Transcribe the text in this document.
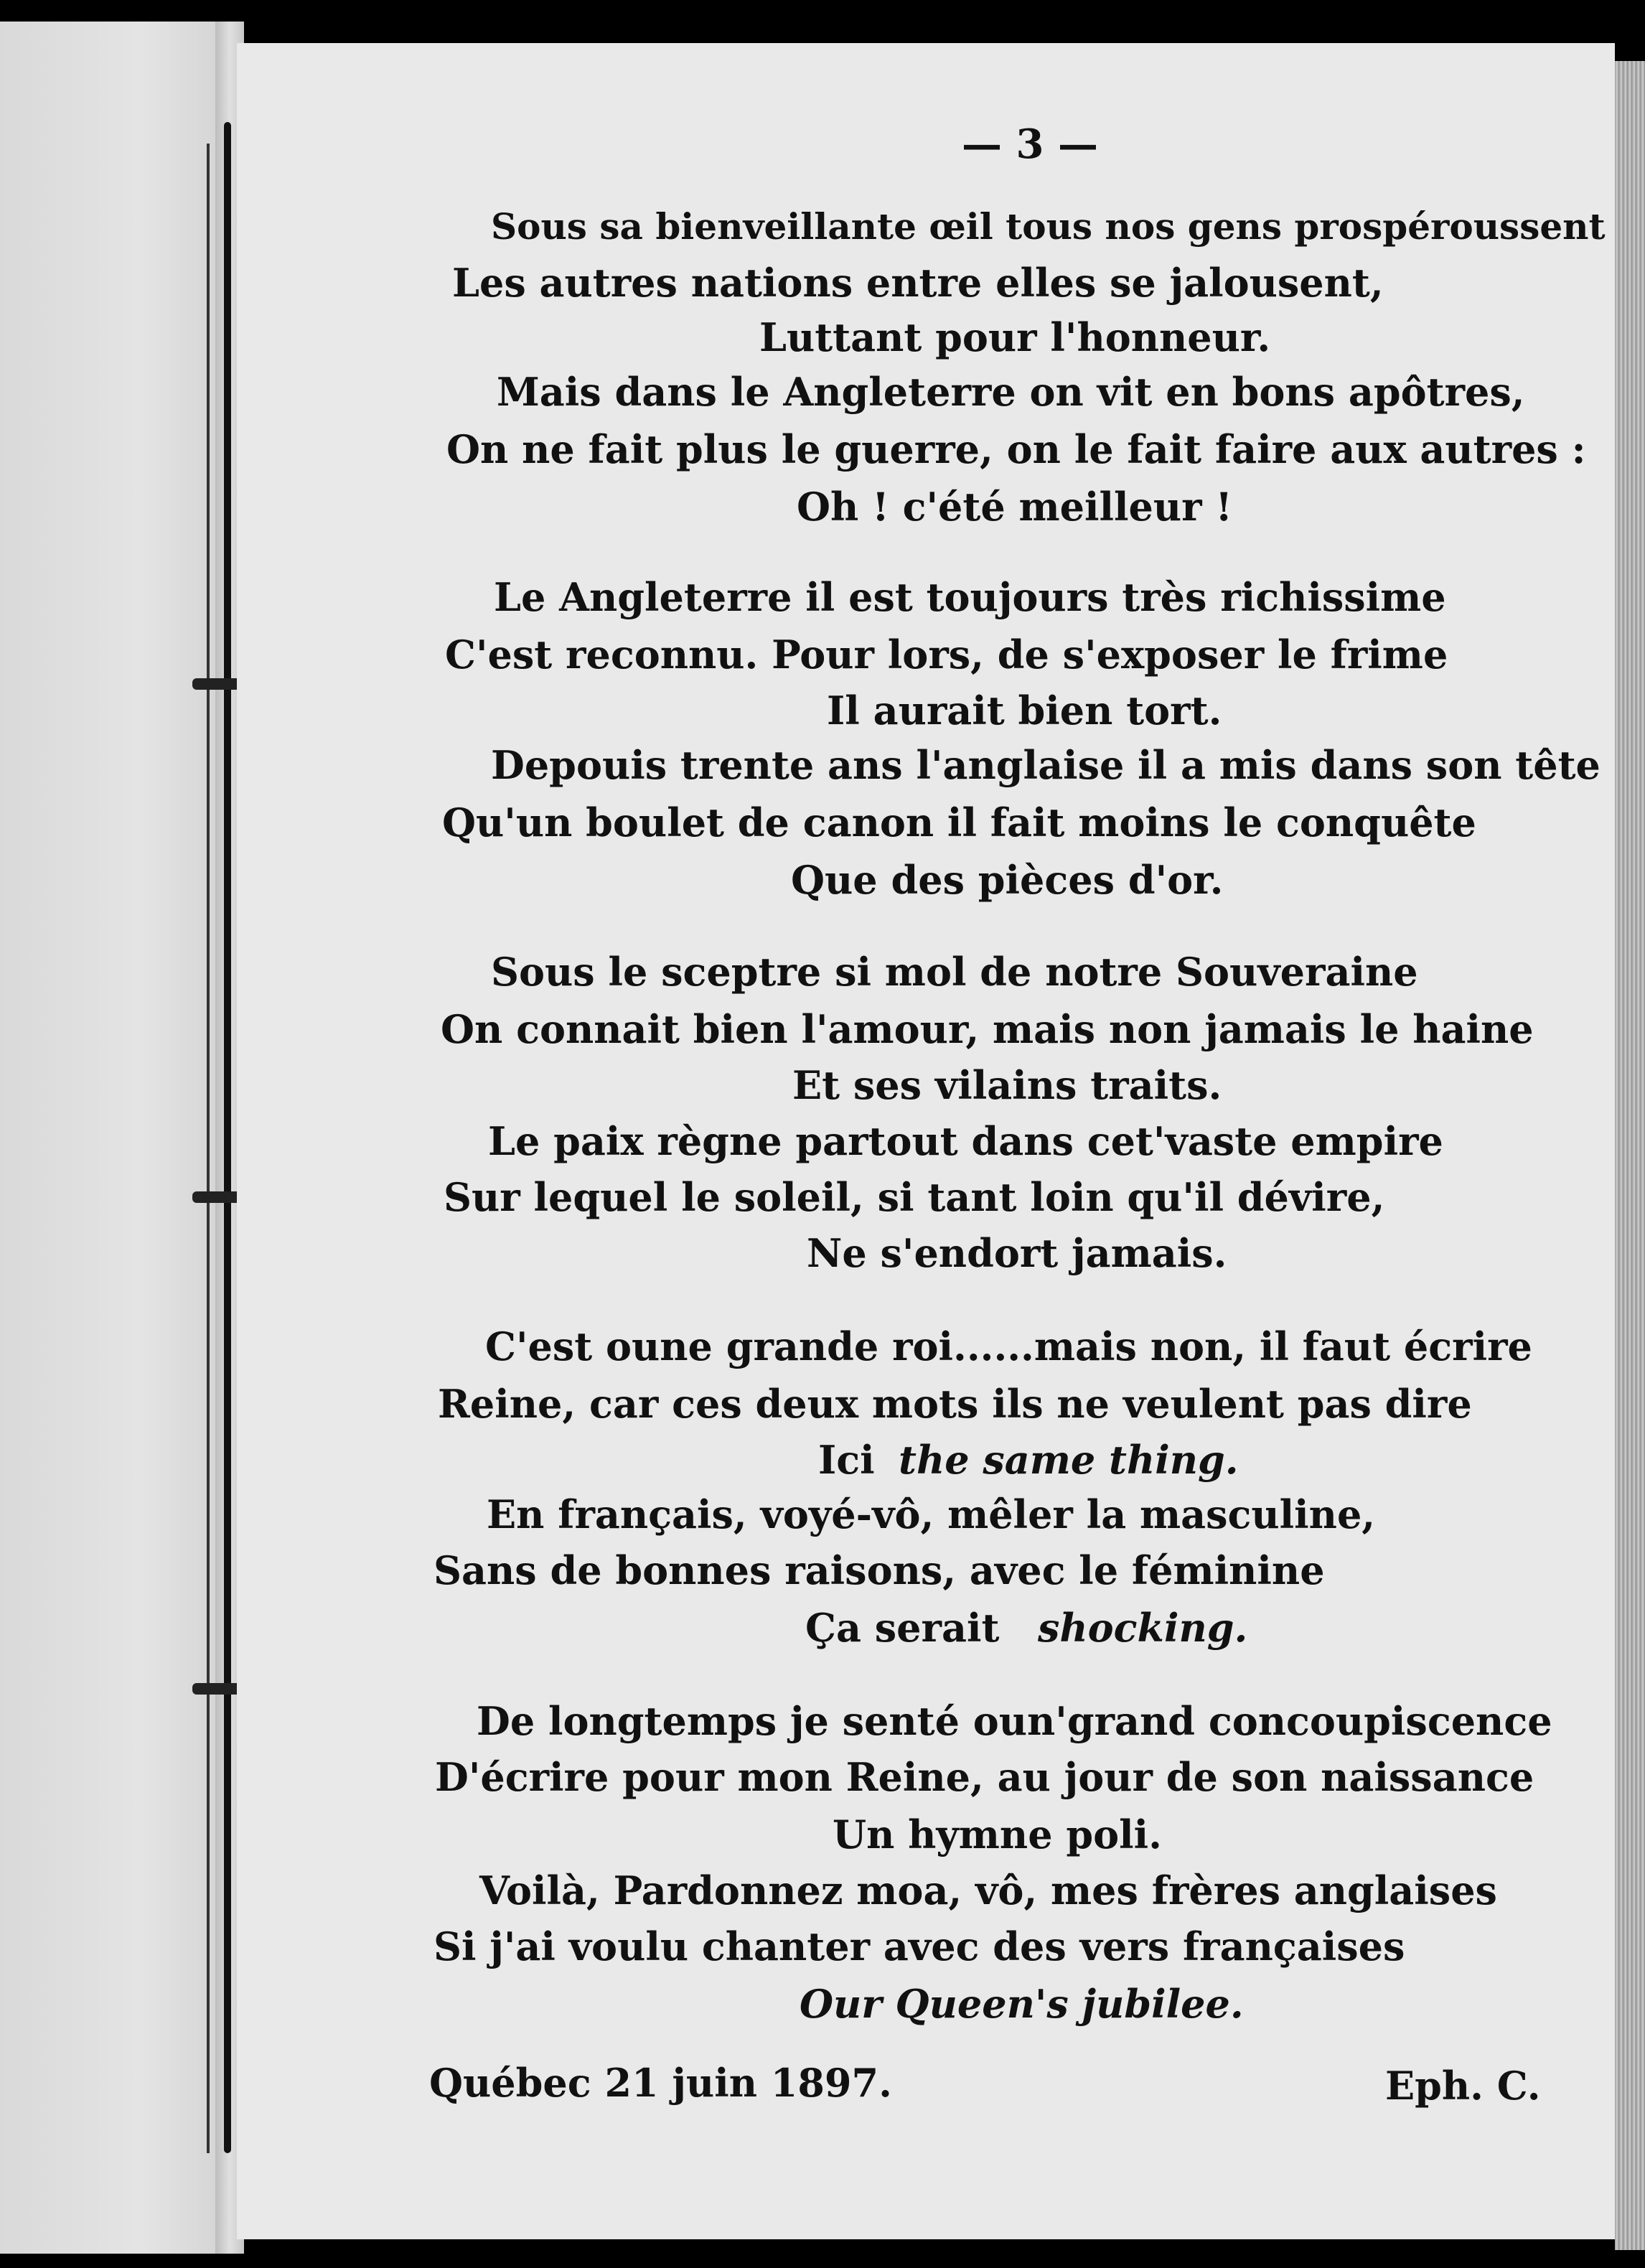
— 3 —
Sous sa bienveillante œil tous nos gens prospéroussent
Les autres nations entre elles se jalousent,
Luttant pour l'honneur.
Mais dans le Angleterre on vit en bons apôtres,
On ne fait plus le guerre, on le fait faire aux autres :
Oh ! c'été meilleur !
Le Angleterre il est toujours très richissime
C'est reconnu. Pour lors, de s'exposer le frime
Il aurait bien tort.
Depouis trente ans l'anglaise il a mis dans son tête
Qu'un boulet de canon il fait moins le conquête
Que des pièces d'or.
Sous le sceptre si mol de notre Souveraine
On connait bien l'amour, mais non jamais le haine
Et ses vilains traits.
Le paix règne partout dans cet'vaste empire
Sur lequel le soleil, si tant loin qu'il dévire,
Ne s'endort jamais.
C'est oune grande roi......mais non, il faut écrire
Reine, car ces deux mots ils ne veulent pas dire
Ici the same thing.
En français, voyé-vô, mêler la masculine,
Sans de bonnes raisons, avec le féminine
Ça serait shocking.
De longtemps je senté oun'grand concoupiscence
D'écrire pour mon Reine, au jour de son naissance
Un hymne poli.
Voilà, Pardonnez moa, vô, mes frères anglaises
Si j'ai voulu chanter avec des vers françaises
Our Queen's jubilee.
Québec 21 juin 1897.	Eph. C.
